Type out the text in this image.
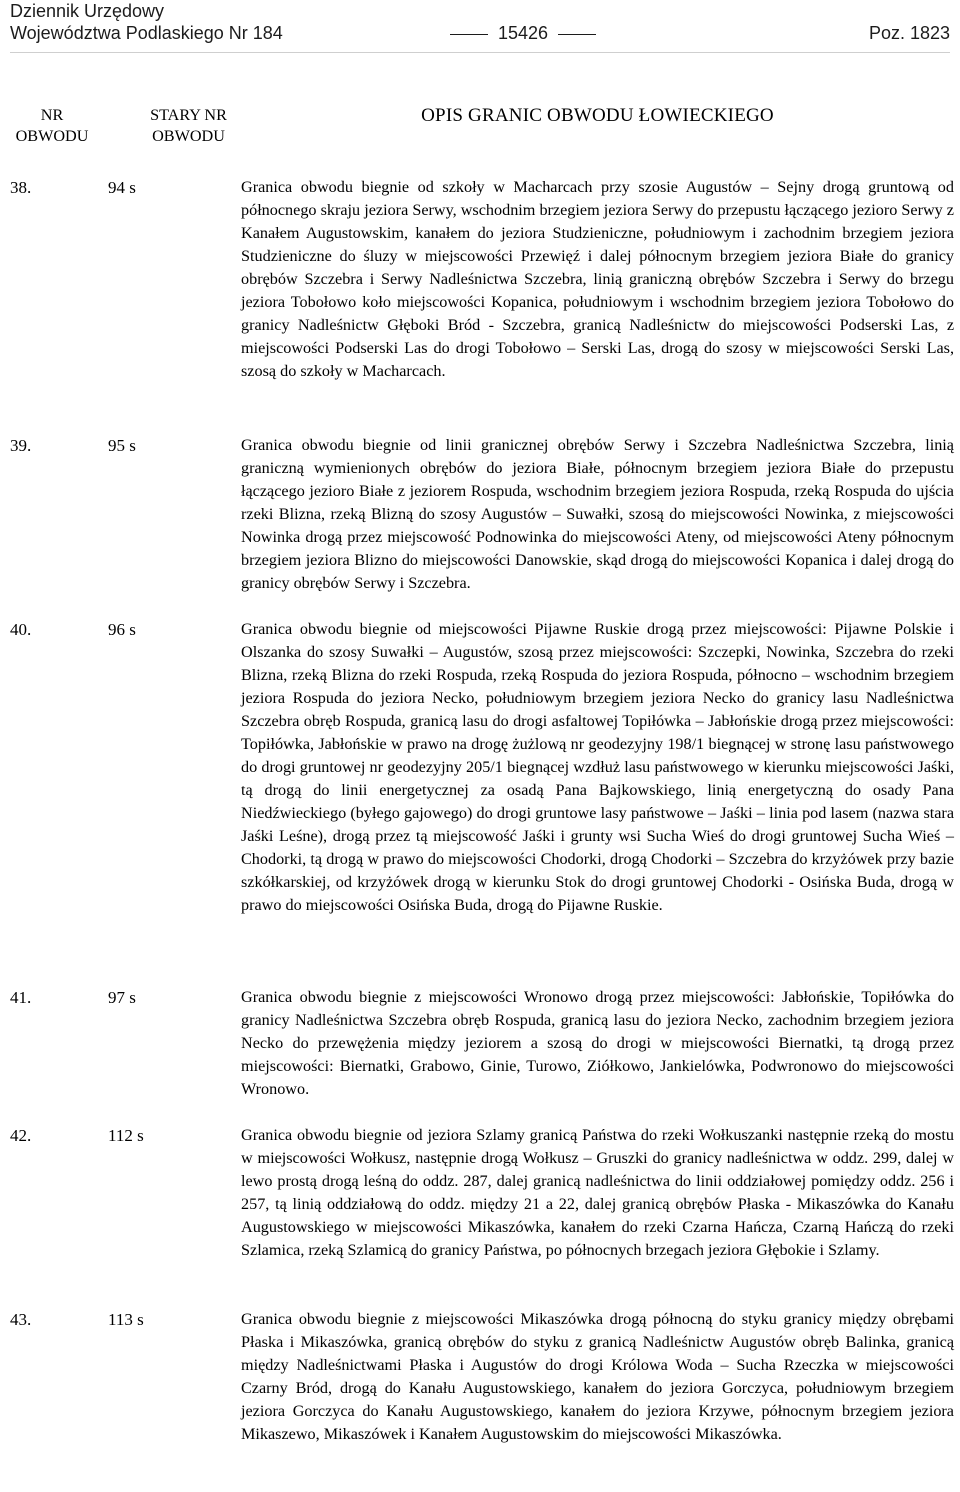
Dziennik Urzędowy
Województwa Podlaskiego Nr 184	15426	Poz. 1823
NR OBWODU	STARY NR OBWODU	OPIS GRANIC OBWODU ŁOWIECKIEGO
38.	94 s	Granica obwodu biegnie od szkoły w Macharcach przy szosie Augustów – Sejny drogą gruntową od północnego skraju jeziora Serwy, wschodnim brzegiem jeziora Serwy do przepustu łączącego jezioro Serwy z Kanałem Augustowskim, kanałem do jeziora Studzieniczne, południowym i zachodnim brzegiem jeziora Studzieniczne do śluzy w miejscowości Przewięź i dalej północnym brzegiem jeziora Białe do granicy obrębów Szczebra i Serwy Nadleśnictwa Szczebra, linią graniczną obrębów Szczebra i Serwy do brzegu jeziora Tobołowo koło miejscowości Kopanica, południowym i wschodnim brzegiem jeziora Tobołowo do granicy Nadleśnictw Głęboki Bród - Szczebra, granicą Nadleśnictw do miejscowości Podserski Las, z miejscowości Podserski Las do drogi Tobołowo – Serski Las, drogą do szosy w miejscowości Serski Las, szosą do szkoły w Macharcach.
39.	95 s	Granica obwodu biegnie od linii granicznej obrębów Serwy i Szczebra Nadleśnictwa Szczebra, linią graniczną wymienionych obrębów do jeziora Białe, północnym brzegiem jeziora Białe do przepustu łączącego jezioro Białe z jeziorem Rospuda, wschodnim brzegiem jeziora Rospuda, rzeką Rospuda do ujścia rzeki Blizna, rzeką Blizną do szosy Augustów – Suwałki, szosą do miejscowości Nowinka, z miejscowości Nowinka drogą przez miejscowość Podnowinka do miejscowości Ateny, od miejscowości Ateny północnym brzegiem jeziora Blizno do miejscowości Danowskie, skąd drogą do miejscowości Kopanica i dalej drogą do granicy obrębów Serwy i Szczebra.
40.	96 s	Granica obwodu biegnie od miejscowości Pijawne Ruskie drogą przez miejscowości: Pijawne Polskie i Olszanka do szosy Suwałki – Augustów, szosą przez miejscowości: Szczepki, Nowinka, Szczebra do rzeki Blizna, rzeką Blizna do rzeki Rospuda, rzeką Rospuda do jeziora Rospuda, północno – wschodnim brzegiem jeziora Rospuda do jeziora Necko, południowym brzegiem jeziora Necko do granicy lasu Nadleśnictwa Szczebra obręb Rospuda, granicą lasu do drogi asfaltowej Topiłówka – Jabłońskie drogą przez miejscowości: Topiłówka, Jabłońskie w prawo na drogę żużlową nr geodezyjny 198/1 biegnącej w stronę lasu państwowego do drogi gruntowej nr geodezyjny 205/1 biegnącej wzdłuż lasu państwowego w kierunku miejscowości Jaśki, tą drogą do linii energetycznej za osadą Pana Bajkowskiego, linią energetyczną do osady Pana Niedźwieckiego (byłego gajowego) do drogi gruntowe lasy państwowe – Jaśki – linia pod lasem (nazwa stara Jaśki Leśne), drogą przez tą miejscowość Jaśki i grunty wsi Sucha Wieś do drogi gruntowej Sucha Wieś – Chodorki, tą drogą w prawo do miejscowości Chodorki, drogą Chodorki – Szczebra do krzyżówek przy bazie szkółkarskiej, od krzyżówek drogą w kierunku Stok do drogi gruntowej Chodorki - Osińska Buda, drogą w prawo do miejscowości Osińska Buda, drogą do Pijawne Ruskie.
41.	97 s	Granica obwodu biegnie z miejscowości Wronowo drogą przez miejscowości: Jabłońskie, Topiłówka do granicy Nadleśnictwa Szczebra obręb Rospuda, granicą lasu do jeziora Necko, zachodnim brzegiem jeziora Necko do przewężenia między jeziorem a szosą do drogi w miejscowości Biernatki, tą drogą przez miejscowości: Biernatki, Grabowo, Ginie, Turowo, Ziółkowo, Jankielówka, Podwronowo do miejscowości Wronowo.
42.	112 s	Granica obwodu biegnie od jeziora Szlamy granicą Państwa do rzeki Wołkuszanki następnie rzeką do mostu w miejscowości Wołkusz, następnie drogą Wołkusz – Gruszki do granicy nadleśnictwa w oddz. 299, dalej w lewo prostą drogą leśną do oddz. 287, dalej granicą nadleśnictwa do linii oddziałowej pomiędzy oddz. 256 i 257, tą linią oddziałową do oddz. między 21 a 22, dalej granicą obrębów Płaska - Mikaszówka do Kanału Augustowskiego w miejscowości Mikaszówka, kanałem do rzeki Czarna Hańcza, Czarną Hańczą do rzeki Szlamica, rzeką Szlamicą do granicy Państwa, po północnych brzegach jeziora Głębokie i Szlamy.
43.	113 s	Granica obwodu biegnie z miejscowości Mikaszówka drogą północną do styku granicy między obrębami Płaska i Mikaszówka, granicą obrębów do styku z granicą Nadleśnictw Augustów obręb Balinka, granicą między Nadleśnictwami Płaska i Augustów do drogi Królowa Woda – Sucha Rzeczka w miejscowości Czarny Bród, drogą do Kanału Augustowskiego, kanałem do jeziora Gorczyca, południowym brzegiem jeziora Gorczyca do Kanału Augustowskiego, kanałem do jeziora Krzywe, północnym brzegiem jeziora Mikaszewo, Mikaszówek i Kanałem Augustowskim do miejscowości Mikaszówka.
